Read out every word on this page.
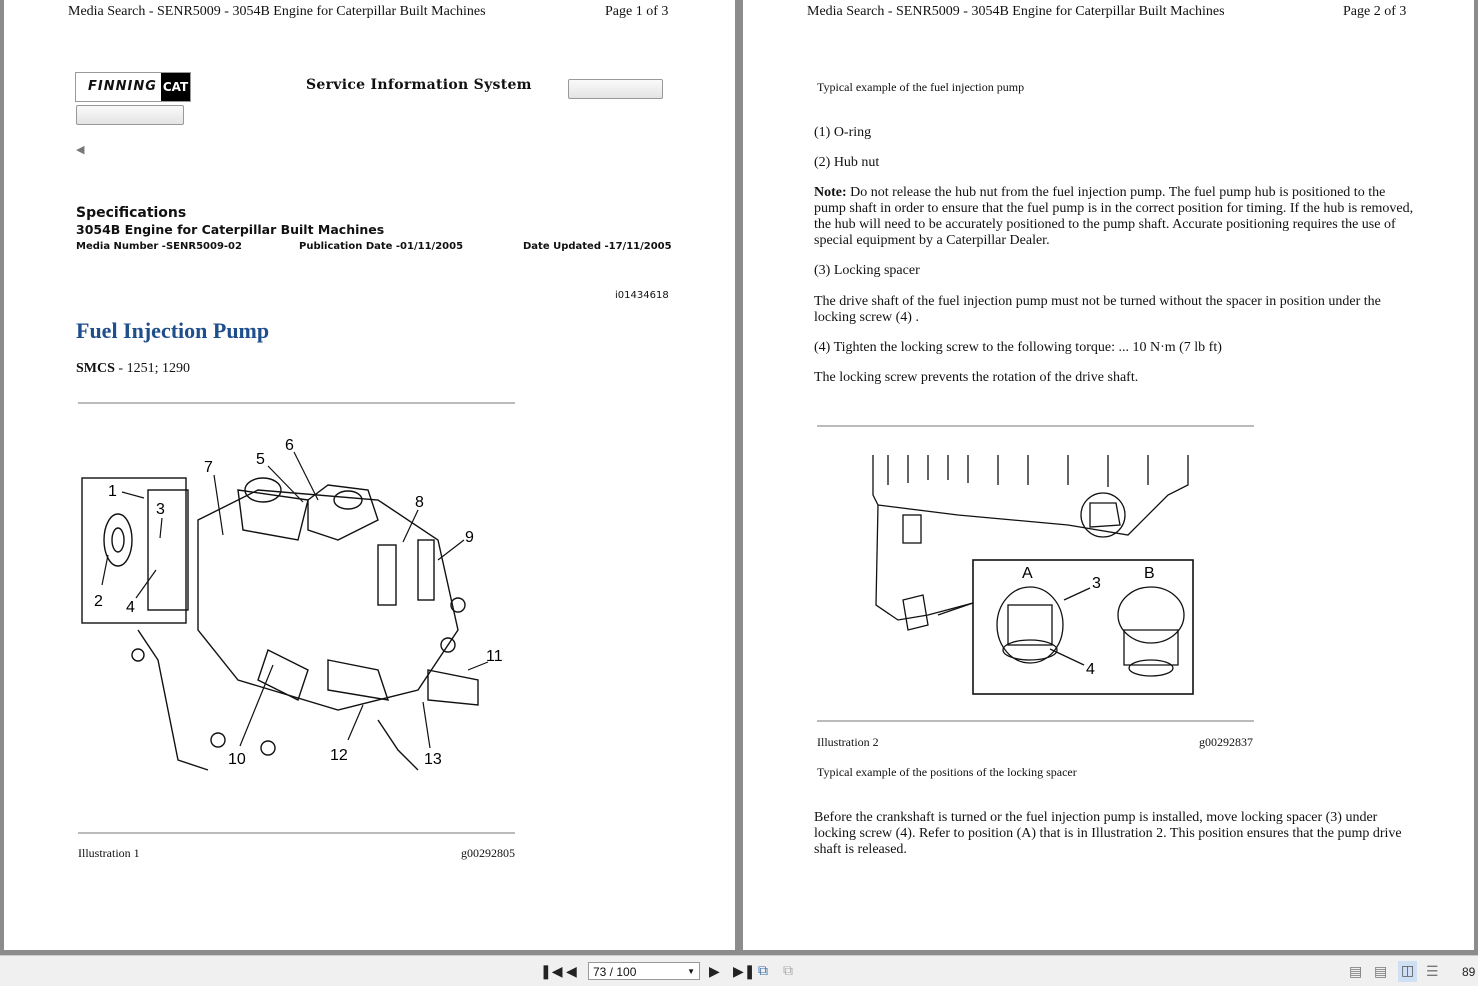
Media Search - SENR5009 - 3054B Engine for Caterpillar Built Machines	Page 1 of 3
FINNING CAT	Service Information System
◀
Specifications
3054B Engine for Caterpillar Built Machines
Media Number -SENR5009-02	Publication Date -01/11/2005	Date Updated -17/11/2005
i01434618
Fuel Injection Pump
SMCS - 1251; 1290
1
2
3
4
5
6
7
8
9
10
11
12	13
Illustration 1	g00292805
Media Search - SENR5009 - 3054B Engine for Caterpillar Built Machines	Page 2 of 3
Typical example of the fuel injection pump
(1) O-ring
(2) Hub nut
Note: Do not release the hub nut from the fuel injection pump. The fuel pump hub is positioned to the pump shaft in order to ensure that the fuel pump is in the correct position for timing. If the hub is removed, the hub will need to be accurately positioned to the pump shaft. Accurate positioning requires the use of special equipment by a Caterpillar Dealer.
(3) Locking spacer
The drive shaft of the fuel injection pump must not be turned without the spacer in position under the locking screw (4) .
(4) Tighten the locking screw to the following torque: ... 10 N·m (7 lb ft)
The locking screw prevents the rotation of the drive shaft.
A	B
3
4
Illustration 2	g00292837
Typical example of the positions of the locking spacer
Before the crankshaft is turned or the fuel injection pump is installed, move locking spacer (3) under locking screw (4). Refer to position (A) that is in Illustration 2. This position ensures that the pump drive shaft is released.
❚◀ ◀	73 / 100	▼ ▶ ▶❚ ⧉ ⧉	▤ ▤ ◫ ☰ 89
